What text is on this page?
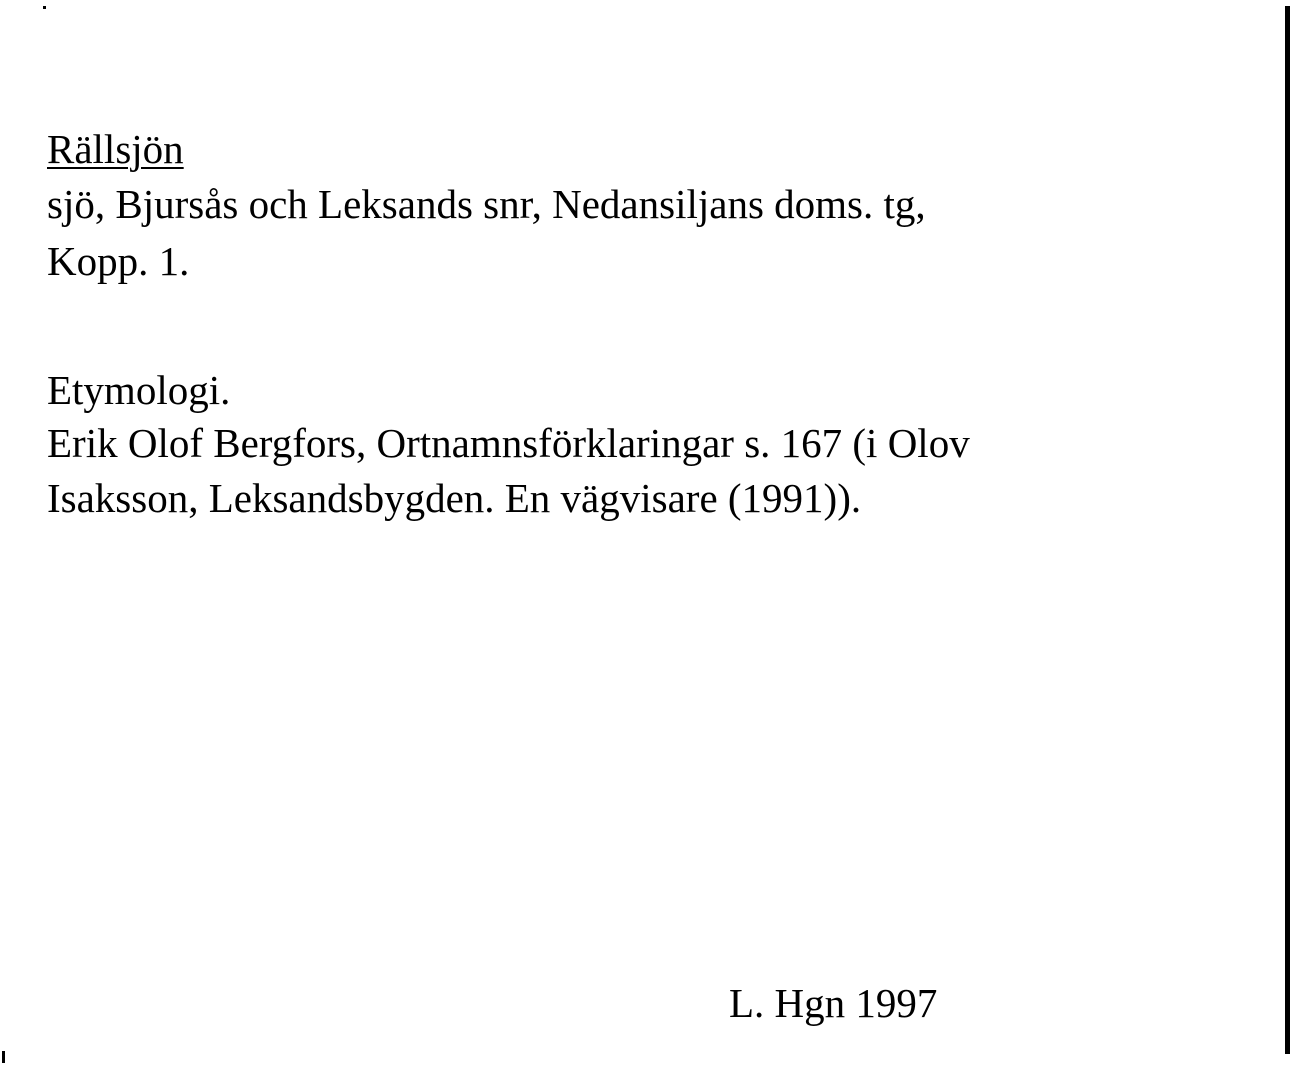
Rällsjön
sjö, Bjursås och Leksands snr, Nedansiljans doms. tg,
Kopp. 1.
Etymologi.
Erik Olof Bergfors, Ortnamnsförklaringar s. 167 (i Olov
Isaksson, Leksandsbygden. En vägvisare (1991)).
L. Hgn 1997
